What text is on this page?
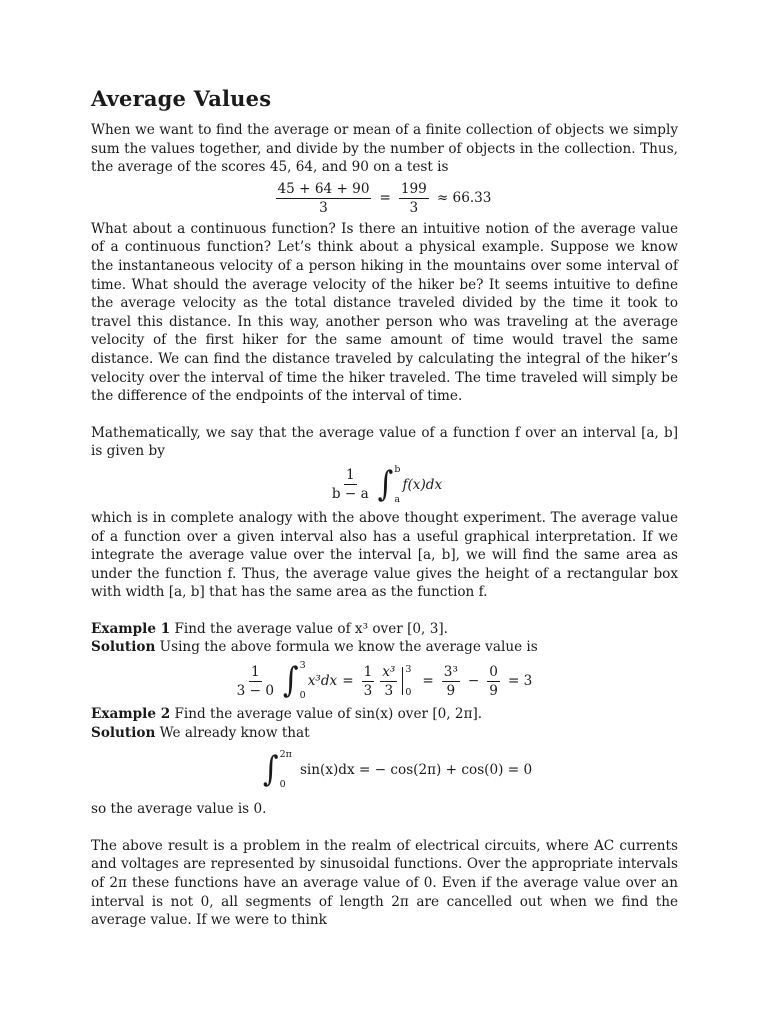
Average Values

When we want to find the average or mean of a finite collection of objects we simply sum the values together, and divide by the number of objects in the collection. Thus, the average of the scores 45, 64, and 90 on a test is

$\frac{45 + 64 + 90}{3} = \frac{199}{3} \approx 66.33$

What about a continuous function? Is there an intuitive notion of the average value of a continuous function? Let’s think about a physical example. Suppose we know the instantaneous velocity of a person hiking in the mountains over some interval of time. What should the average velocity of the hiker be? It seems intuitive to define the average velocity as the total distance traveled divided by the time it took to travel this distance. In this way, another person who was traveling at the average velocity of the first hiker for the same amount of time would travel the same distance. We can find the distance traveled by calculating the integral of the hiker’s velocity over the interval of time the hiker traveled. The time traveled will simply be the difference of the endpoints of the interval of time.

Mathematically, we say that the average value of a function f over an interval [a, b] is given by

$\frac{1}{b - a}$ ∫ b
a
f(x)dx

which is in complete analogy with the above thought experiment. The average value of a function over a given interval also has a useful graphical interpretation. If we integrate the average value over the interval [a, b], we will find the same area as under the function f. Thus, the average value gives the height of a rectangular box with width [a, b] that has the same area as the function f.

Example 1 Find the average value of x³ over [0, 3].

Solution Using the above formula we know the average value is

$\frac{1}{3 - 0}$ ∫ 3
0
$x^3dx = \frac{1}{3} \frac{\text{x³}}{3} 3$
0
= $\frac{\text{3³}}{9} - \frac{0}{9} = 3$

Example 2 Find the average value of sin(x) over [0, 2π].

Solution We already know that

∫ 2π
0
sin(x)dx = − cos(2π) + cos(0) = 0

so the average value is 0.

The above result is a problem in the realm of electrical circuits, where AC currents and voltages are represented by sinusoidal functions. Over the appropriate intervals of 2π these functions have an average value of 0. Even if the average value over an interval is not 0, all segments of length 2π are cancelled out when we find the average value. If we were to think
